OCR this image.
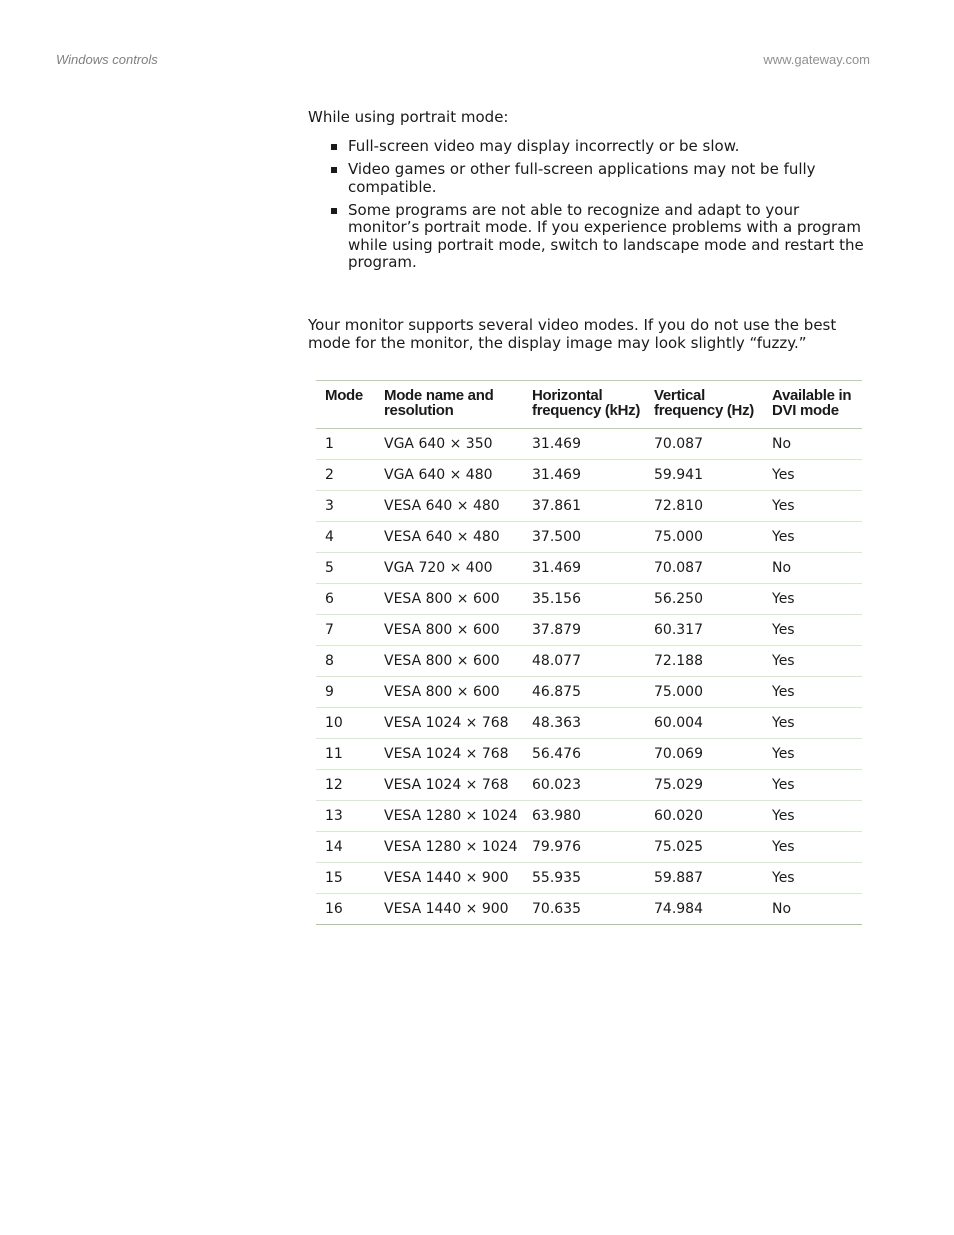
Windows controls	www.gateway.com

While using portrait mode:

Full-screen video may display incorrectly or be slow.
Video games or other full-screen applications may not be fully compatible.
Some programs are not able to recognize and adapt to your monitor’s portrait mode. If you experience problems with a program while using portrait mode, switch to landscape mode and restart the program.

Your monitor supports several video modes. If you do not use the best mode for the monitor, the display image may look slightly “fuzzy.”

Mode	Mode name and resolution	Horizontal frequency (kHz)	Vertical frequency (Hz)	Available in DVI mode
1	VGA 640 × 350	31.469	70.087	No
2	VGA 640 × 480	31.469	59.941	Yes
3	VESA 640 × 480	37.861	72.810	Yes
4	VESA 640 × 480	37.500	75.000	Yes
5	VGA 720 × 400	31.469	70.087	No
6	VESA 800 × 600	35.156	56.250	Yes
7	VESA 800 × 600	37.879	60.317	Yes
8	VESA 800 × 600	48.077	72.188	Yes
9	VESA 800 × 600	46.875	75.000	Yes
10	VESA 1024 × 768	48.363	60.004	Yes
11	VESA 1024 × 768	56.476	70.069	Yes
12	VESA 1024 × 768	60.023	75.029	Yes
13	VESA 1280 × 1024	63.980	60.020	Yes
14	VESA 1280 × 1024	79.976	75.025	Yes
15	VESA 1440 × 900	55.935	59.887	Yes
16	VESA 1440 × 900	70.635	74.984	No
